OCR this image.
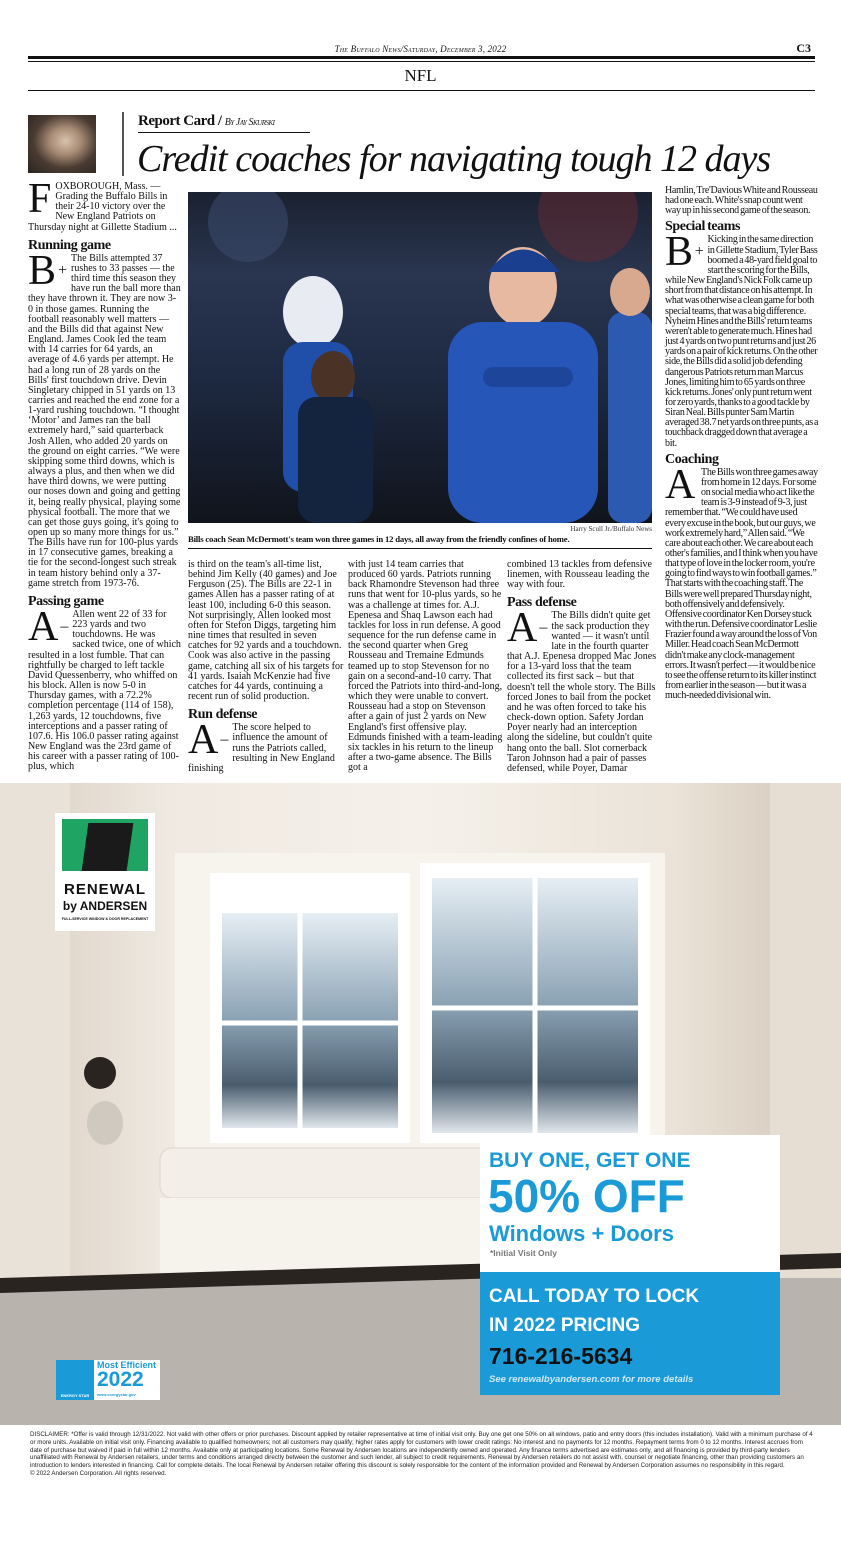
The Buffalo News/Saturday, December 3, 2022	C3
NFL
Report Card / By Jay Skurski
Credit coaches for navigating tough 12 days

FOXBOROUGH, Mass. — Grading the Buffalo Bills in their 24-10 victory over the New England Patriots on Thursday night at Gillette Stadium ...

Running game

B +
The Bills attempted 37 rushes to 33 passes — the third time this season they have run the ball more than they have thrown it. They are now 3-0 in those games. Running the football reasonably well matters — and the Bills did that against New England. James Cook led the team with 14 carries for 64 yards, an average of 4.6 yards per attempt. He had a long run of 28 yards on the Bills' first touchdown drive. Devin Singletary chipped in 51 yards on 13 carries and reached the end zone for a 1-yard rushing touchdown. “I thought ‘Motor’ and James ran the ball extremely hard,” said quarterback Josh Allen, who added 20 yards on the ground on eight carries. “We were skipping some third downs, which is always a plus, and then when we did have third downs, we were putting our noses down and going and getting it, being really physical, playing some physical football. The more that we can get those guys going, it's going to open up so many more things for us.” The Bills have run for 100-plus yards in 17 consecutive games, breaking a tie for the second-longest such streak in team history behind only a 37-game stretch from 1973-76.

Passing game

A –
Allen went 22 of 33 for 223 yards and two touchdowns. He was sacked twice, one of which resulted in a lost fumble. That can rightfully be charged to left tackle David Quessenberry, who whiffed on his block. Allen is now 5-0 in Thursday games, with a 72.2% completion percentage (114 of 158), 1,263 yards, 12 touchdowns, five interceptions and a passer rating of 107.6. His 106.0 passer rating against New England was the 23rd game of his career with a passer rating of 100-plus, which

Harry Scull Jr./Buffalo News
Bills coach Sean McDermott's team won three games in 12 days, all away from the friendly confines of home.

is third on the team's all-time list, behind Jim Kelly (40 games) and Joe Ferguson (25). The Bills are 22-1 in games Allen has a passer rating of at least 100, including 6-0 this season. Not surprisingly, Allen looked most often for Stefon Diggs, targeting him nine times that resulted in seven catches for 92 yards and a touchdown. Cook was also active in the passing game, catching all six of his targets for 41 yards. Isaiah McKenzie had five catches for 44 yards, continuing a recent run of solid production.

Run defense

A –
The score helped to influence the amount of runs the Patriots called, resulting in New England finishing

with just 14 team carries that produced 60 yards. Patriots running back Rhamondre Stevenson had three runs that went for 10-plus yards, so he was a challenge at times for. A.J. Epenesa and Shaq Lawson each had tackles for loss in run defense. A good sequence for the run defense came in the second quarter when Greg Rousseau and Tremaine Edmunds teamed up to stop Stevenson for no gain on a second-and-10 carry. That forced the Patriots into third-and-long, which they were unable to convert. Rousseau had a stop on Stevenson after a gain of just 2 yards on New England's first offensive play. Edmunds finished with a team-leading six tackles in his return to the lineup after a two-game absence. The Bills got a

combined 13 tackles from defensive linemen, with Rousseau leading the way with four.

Pass defense

A –
The Bills didn't quite get the sack production they wanted — it wasn't until late in the fourth quarter that A.J. Epenesa dropped Mac Jones for a 13-yard loss that the team collected its first sack – but that doesn't tell the whole story. The Bills forced Jones to bail from the pocket and he was often forced to take his check-down option. Safety Jordan Poyer nearly had an interception along the sideline, but couldn't quite hang onto the ball. Slot cornerback Taron Johnson had a pair of passes defensed, while Poyer, Damar

Hamlin, Tre'Davious White and Rousseau had one each. White's snap count went way up in his second game of the season.

Special teams

B +
Kicking in the same direction in Gillette Stadium, Tyler Bass boomed a 48-yard field goal to start the scoring for the Bills, while New England's Nick Folk came up short from that distance on his attempt. In what was otherwise a clean game for both special teams, that was a big difference. Nyheim Hines and the Bills' return teams weren't able to generate much. Hines had just 4 yards on two punt returns and just 26 yards on a pair of kick returns. On the other side, the Bills did a solid job defending dangerous Patriots return man Marcus Jones, limiting him to 65 yards on three kick returns. Jones' only punt return went for zero yards, thanks to a good tackle by Siran Neal. Bills punter Sam Martin averaged 38.7 net yards on three punts, as a touchback dragged down that average a bit.

Coaching

A The Bills won three games away from home in 12 days. For some on social media who act like the team is 3-9 instead of 9-3, just remember that. “We could have used every excuse in the book, but our guys, we work extremely hard,” Allen said. “We care about each other. We care about each other's families, and I think when you have that type of love in the locker room, you're going to find ways to win football games.” That starts with the coaching staff. The Bills were well prepared Thursday night, both offensively and defensively. Offensive coordinator Ken Dorsey stuck with the run. Defensive coordinator Leslie Frazier found a way around the loss of Von Miller. Head coach Sean McDermott didn't make any clock-management errors. It wasn't perfect — it would be nice to see the offense return to its killer instinct from earlier in the season — but it was a much-needed divisional win.

RENEWAL
by ANDERSEN
FULL-SERVICE WINDOW & DOOR REPLACEMENT
BUY ONE, GET ONE
50% OFF
Windows + Doors
*Initial Visit Only
CALL TODAY TO LOCK
IN 2022 PRICING
716-216-5634
See renewalbyandersen.com for more details
ENERGY STAR
Most Efficient
2022
www.energystar.gov
DISCLAIMER: *Offer is valid through 12/31/2022. Not valid with other offers or prior purchases. Discount applied by retailer representative at time of initial visit only. Buy one get one 50% on all windows, patio and entry doors (this includes installation). Valid with a minimum purchase of 4 or more units. Available on initial visit only. Financing available to qualified homeowners; not all customers may qualify; higher rates apply for customers with lower credit ratings: No interest and no payments for 12 months. Repayment terms from 0 to 12 months. Interest accrues from date of purchase but waived if paid in full within 12 months. Available only at participating locations. Some Renewal by Andersen locations are independently owned and operated. Any finance terms advertised are estimates only, and all financing is provided by third-party lenders unaffiliated with Renewal by Andersen retailers, under terms and conditions arranged directly between the customer and such lender, all subject to credit requirements. Renewal by Andersen retailers do not assist with, counsel or negotiate financing, other than providing customers an introduction to lenders interested in financing. Call for complete details. The local Renewal by Andersen retailer offering this discount is solely responsible for the content of the information provided and Renewal by Andersen Corporation assumes no responsibility in this regard.
© 2022 Andersen Corporation. All rights reserved.
